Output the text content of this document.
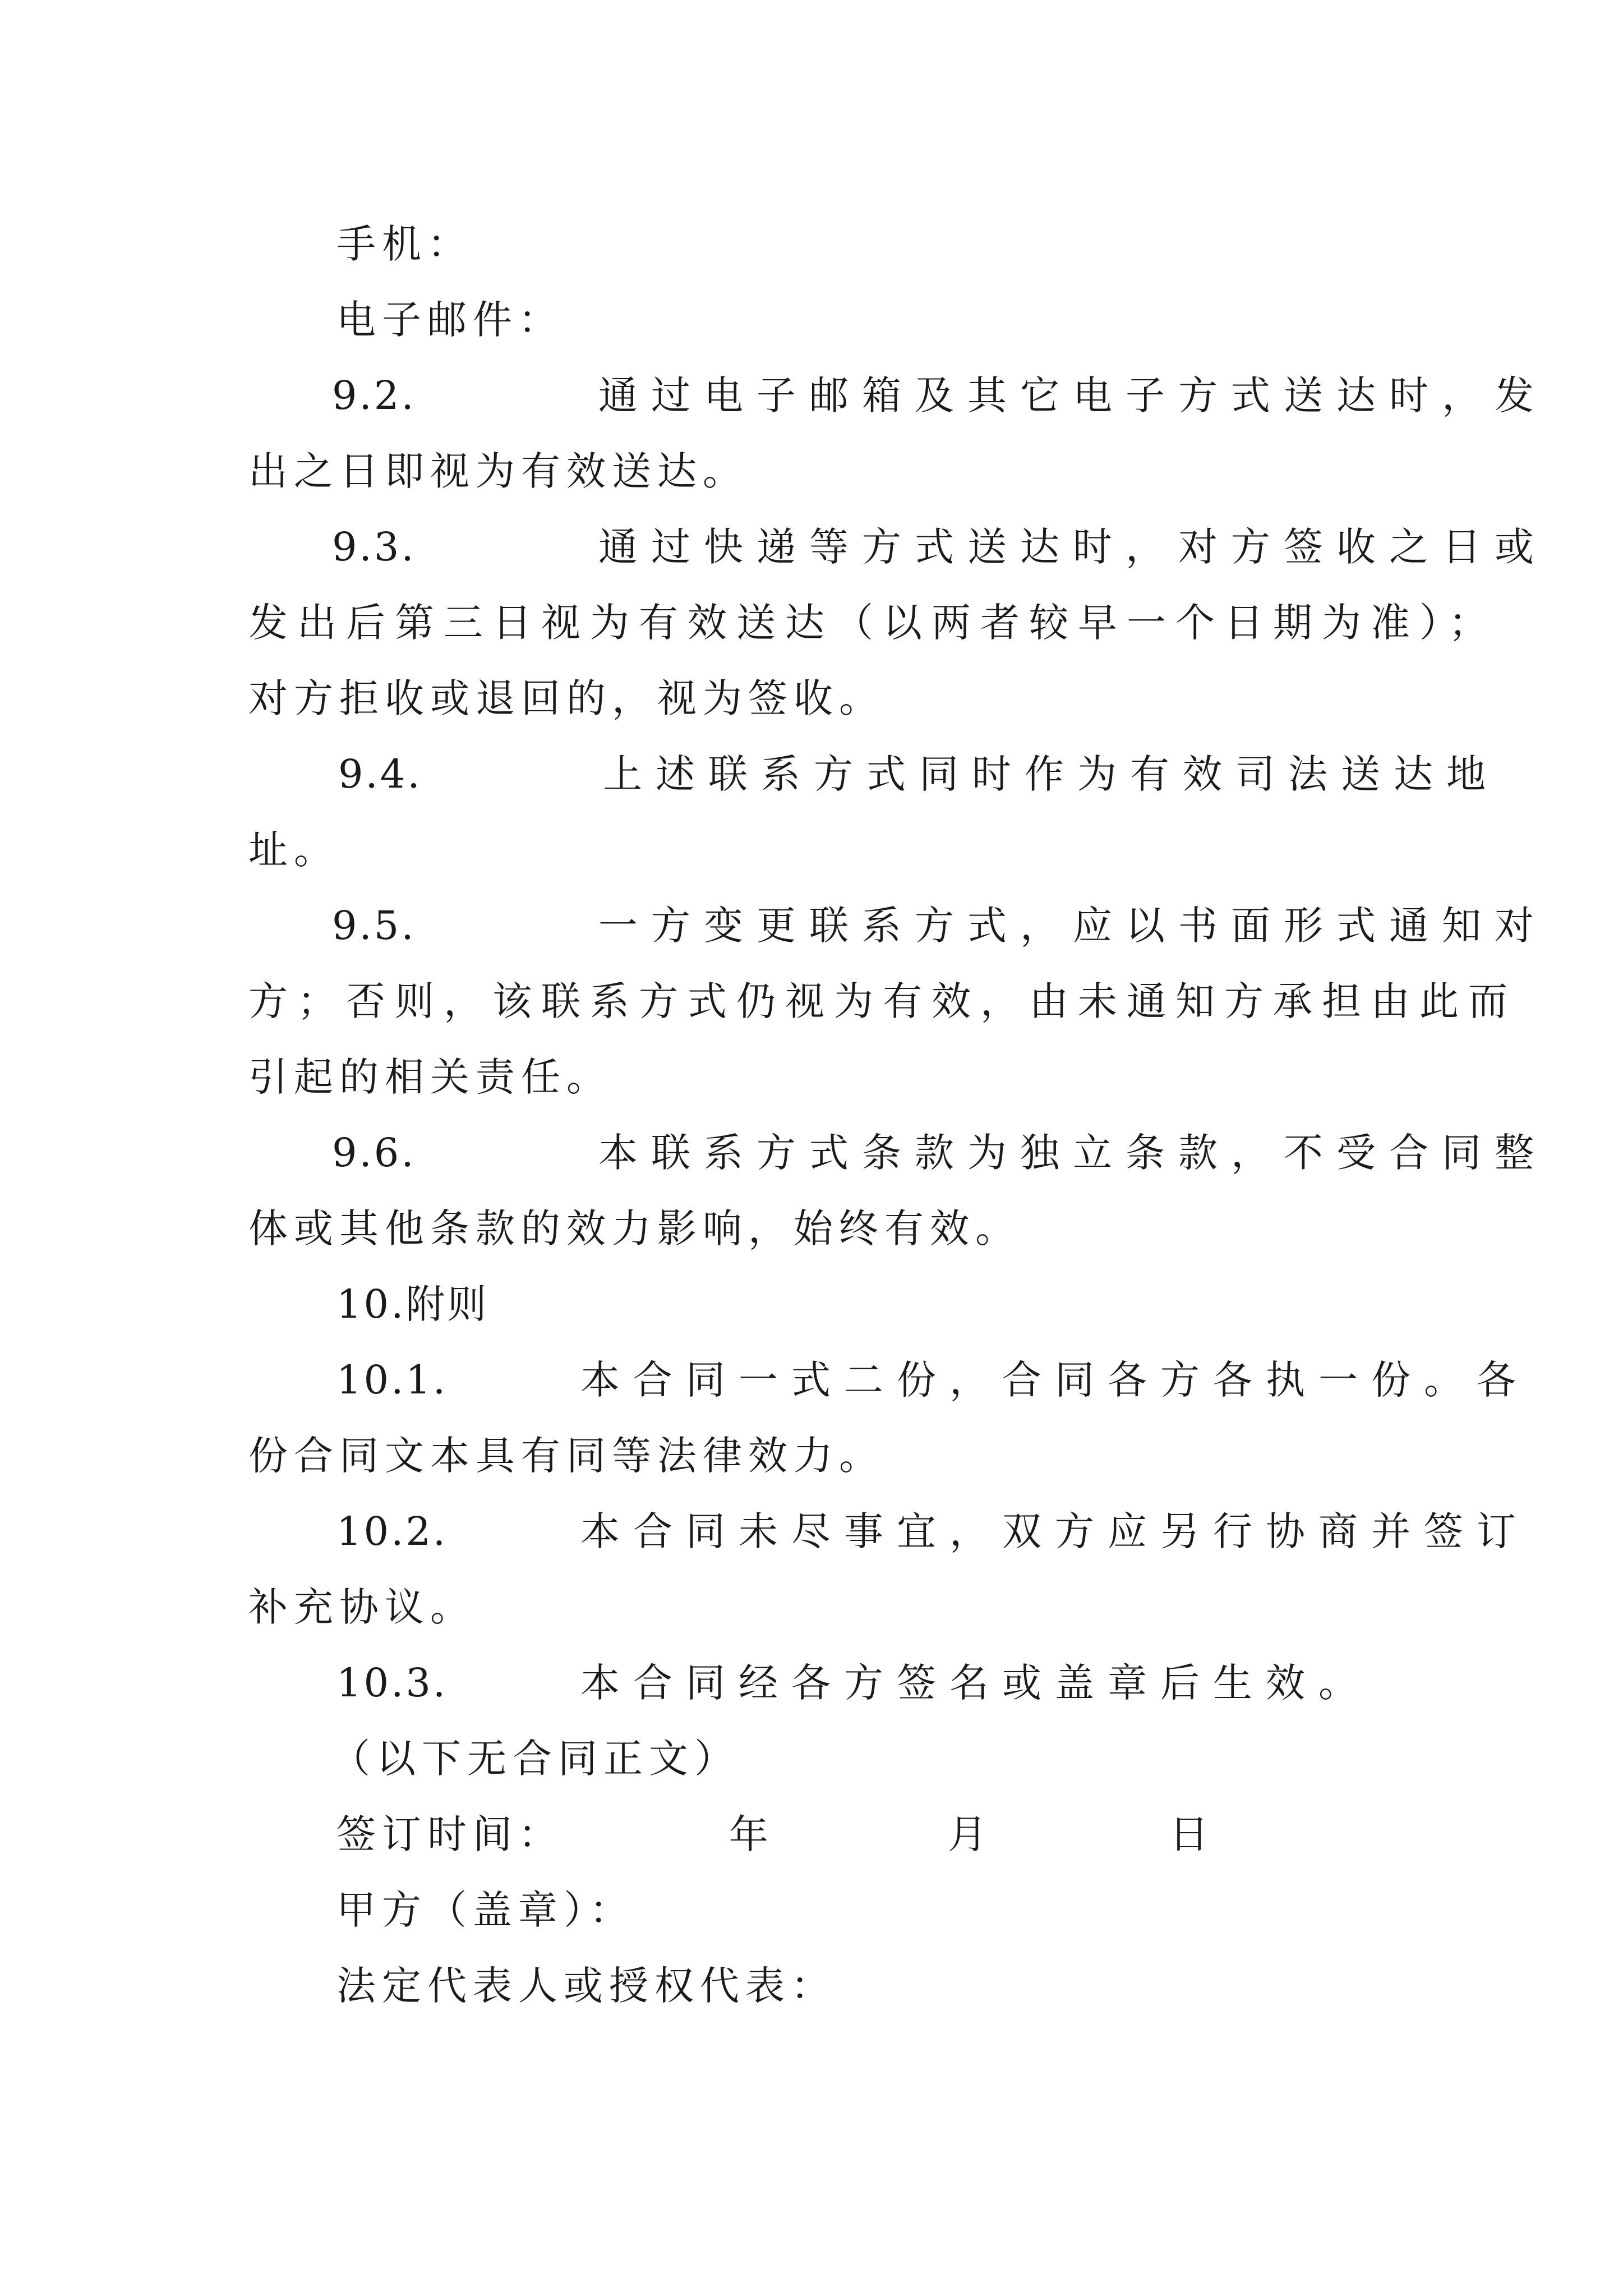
手机：
电子邮件：
9.2.	通过电子邮箱及其它电子方式送达时，发
出之日即视为有效送达。
9.3.	通过快递等方式送达时，对方签收之日或
发出后第三日视为有效送达（以两者较早一个日期为准）；
对方拒收或退回的，视为签收。
9.4.	上述联系方式同时作为有效司法送达地
址。
9.5.	一方变更联系方式，应以书面形式通知对
方；否则，该联系方式仍视为有效，由未通知方承担由此而
引起的相关责任。
9.6.	本联系方式条款为独立条款，不受合同整
体或其他条款的效力影响，始终有效。
10.附则
10.1.	本合同一式二份，合同各方各执一份。各
份合同文本具有同等法律效力。
10.2.	本合同未尽事宜，双方应另行协商并签订
补充协议。
10.3.	本合同经各方签名或盖章后生效。
（以下无合同正文）
签订时间：	年	月	日
甲方（盖章）：
法定代表人或授权代表：
